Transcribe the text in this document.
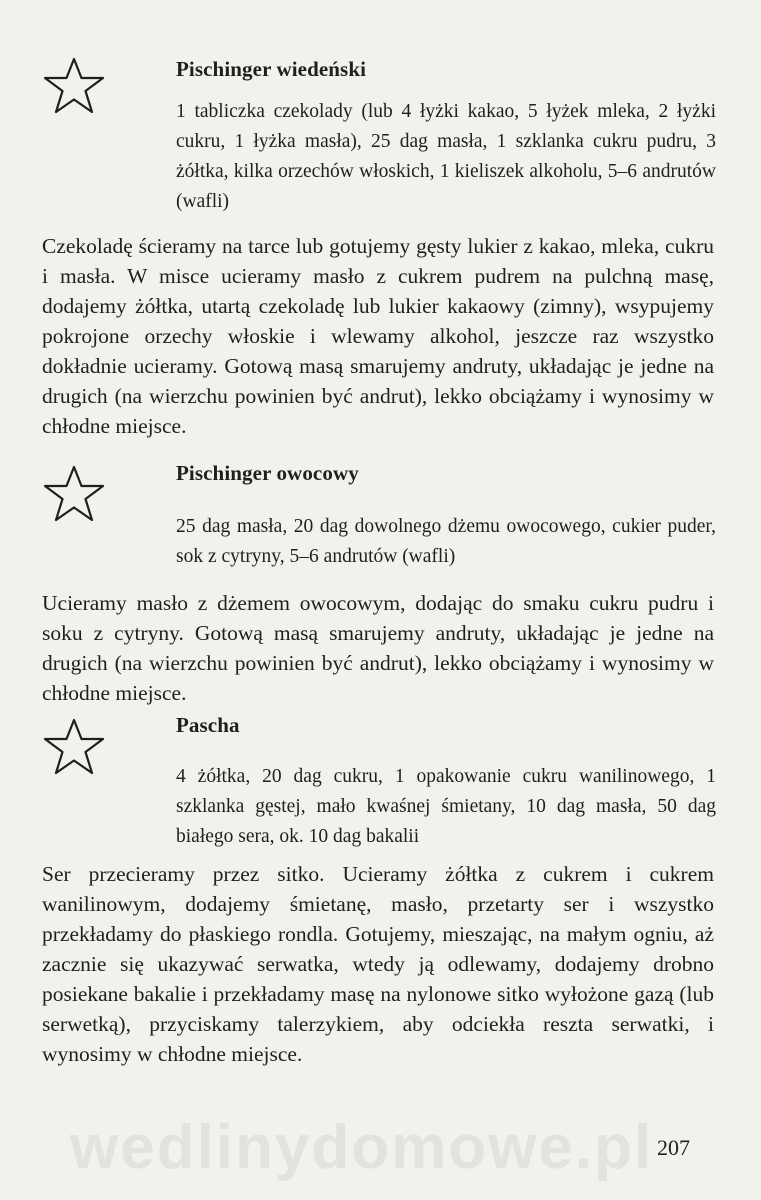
Pischinger wiedeński

1 tabliczka czekolady (lub 4 łyżki kakao, 5 łyżek mleka, 2 łyżki cukru, 1 łyżka masła), 25 dag masła, 1 szklanka cukru pudru, 3 żółtka, kilka orzechów włoskich, 1 kieliszek alkoholu, 5–6 andrutów (wafli)

Czekoladę ścieramy na tarce lub gotujemy gęsty lukier z kakao, mleka, cukru i masła. W misce ucieramy masło z cukrem pudrem na pulchną masę, dodajemy żółtka, utartą czekoladę lub lukier kakaowy (zimny), wsypujemy pokrojone orzechy włoskie i wlewamy alkohol, jeszcze raz wszystko dokładnie ucieramy. Gotową masą smarujemy andruty, układając je jedne na drugich (na wierzchu powinien być andrut), lekko obciążamy i wynosimy w chłodne miejsce.

Pischinger owocowy

25 dag masła, 20 dag dowolnego dżemu owocowego, cukier puder, sok z cytryny, 5–6 andrutów (wafli)

Ucieramy masło z dżemem owocowym, dodając do smaku cukru pudru i soku z cytryny. Gotową masą smarujemy andruty, układając je jedne na drugich (na wierzchu powinien być andrut), lekko obciążamy i wynosimy w chłodne miejsce.

Pascha

4 żółtka, 20 dag cukru, 1 opakowanie cukru wanilinowego, 1 szklanka gęstej, mało kwaśnej śmietany, 10 dag masła, 50 dag białego sera, ok. 10 dag bakalii

Ser przecieramy przez sitko. Ucieramy żółtka z cukrem i cukrem wanilinowym, dodajemy śmietanę, masło, przetarty ser i wszystko przekładamy do płaskiego rondla. Gotujemy, mieszając, na małym ogniu, aż zacznie się ukazywać serwatka, wtedy ją odlewamy, dodajemy drobno posiekane bakalie i przekładamy masę na nylonowe sitko wyłożone gazą (lub serwetką), przyciskamy talerzykiem, aby odciekła reszta serwatki, i wynosimy w chłodne miejsce.

wedlinydomowe.pl 207
